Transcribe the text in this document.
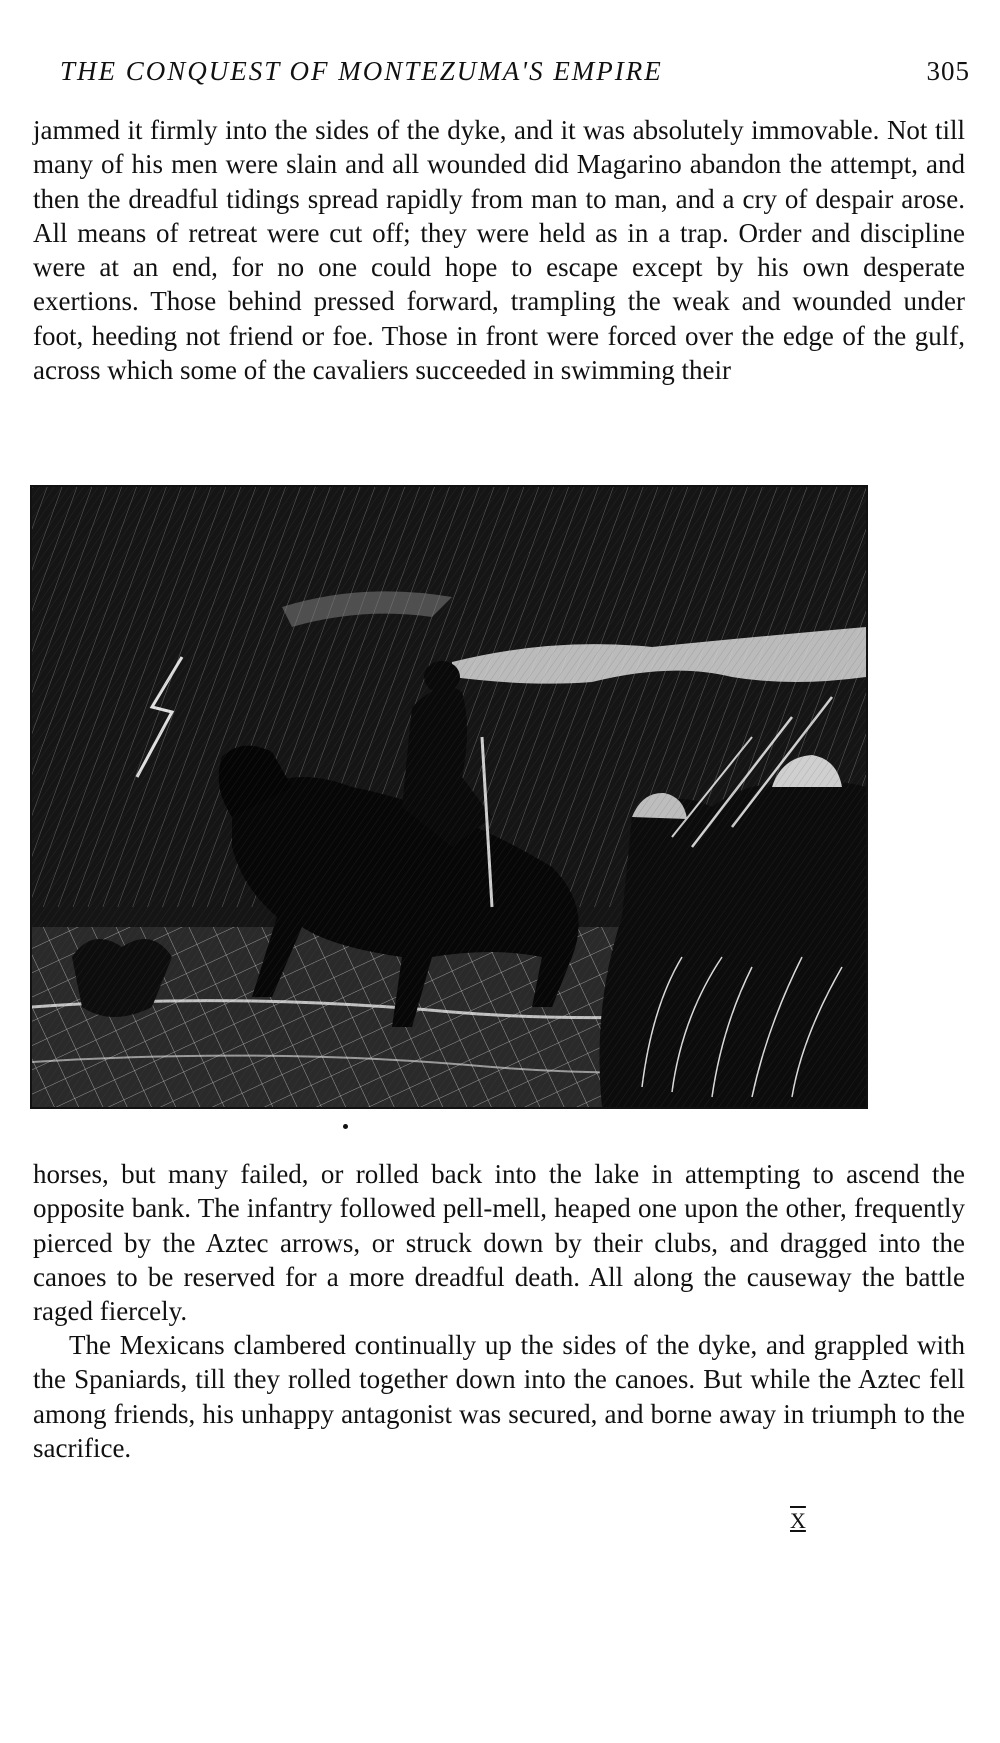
THE CONQUEST OF MONTEZUMA'S EMPIRE	305

jammed it firmly into the sides of the dyke, and it was absolutely immovable. Not till many of his men were slain and all wounded did Magarino abandon the attempt, and then the dreadful tidings spread rapidly from man to man, and a cry of despair arose. All means of retreat were cut off; they were held as in a trap. Order and discipline were at an end, for no one could hope to escape except by his own desperate exertions. Those behind pressed forward, trampling the weak and wounded under foot, heeding not friend or foe. Those in front were forced over the edge of the gulf, across which some of the cavaliers succeeded in swimming their

horses, but many failed, or rolled back into the lake in attempting to ascend the opposite bank. The infantry followed pell-mell, heaped one upon the other, frequently pierced by the Aztec arrows, or struck down by their clubs, and dragged into the canoes to be reserved for a more dreadful death. All along the causeway the battle raged fiercely.

The Mexicans clambered continually up the sides of the dyke, and grappled with the Spaniards, till they rolled together down into the canoes. But while the Aztec fell among friends, his unhappy antagonist was secured, and borne away in triumph to the sacrifice.

X
